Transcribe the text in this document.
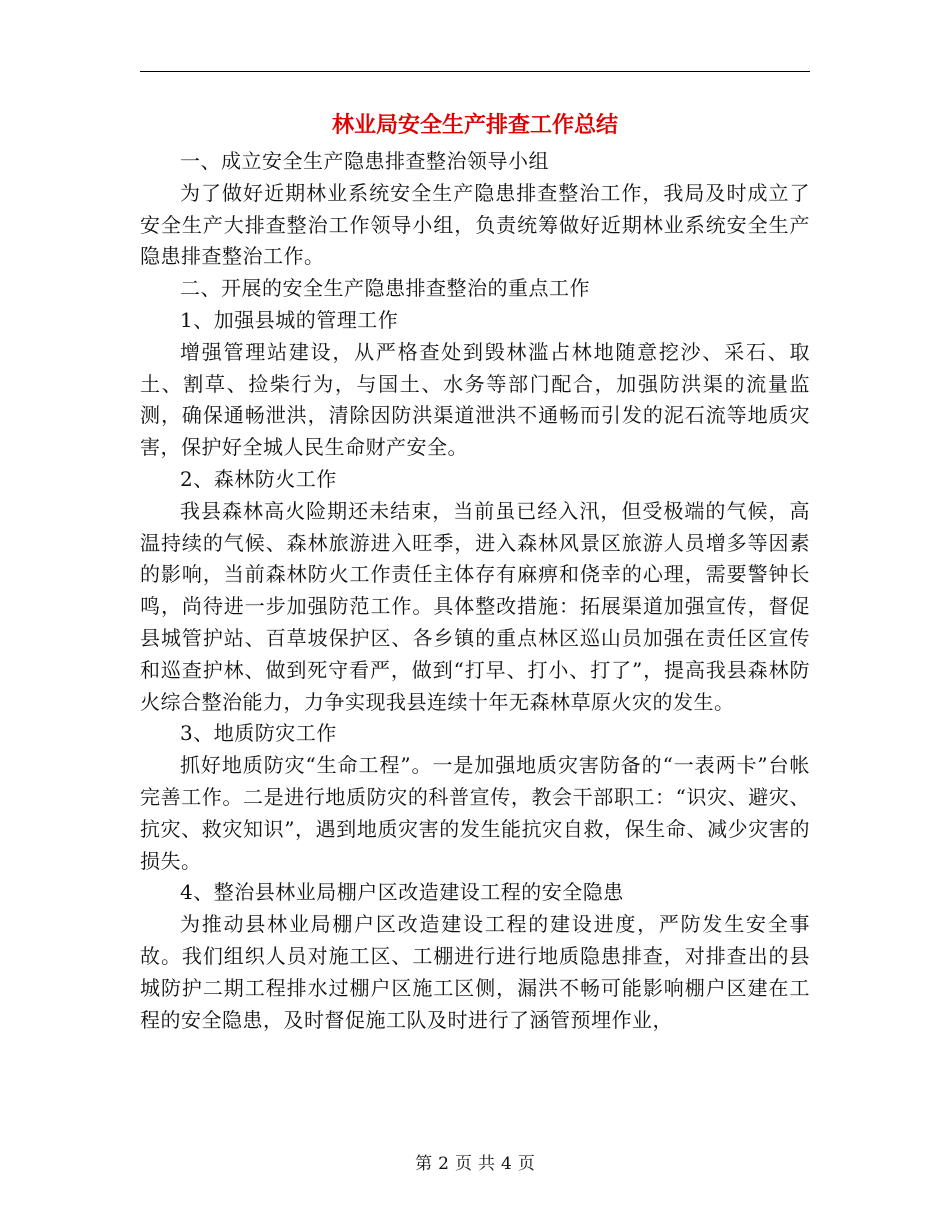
林业局安全生产排查工作总结

一、成立安全生产隐患排查整治领导小组

为了做好近期林业系统安全生产隐患排查整治工作，我局及时成立了安全生产大排查整治工作领导小组，负责统筹做好近期林业系统安全生产隐患排查整治工作。

二、开展的安全生产隐患排查整治的重点工作

1、加强县城的管理工作

增强管理站建设，从严格查处到毁林滥占林地随意挖沙、采石、取土、割草、捡柴行为，与国土、水务等部门配合，加强防洪渠的流量监测，确保通畅泄洪，清除因防洪渠道泄洪不通畅而引发的泥石流等地质灾害，保护好全城人民生命财产安全。

2、森林防火工作

我县森林高火险期还未结束，当前虽已经入汛，但受极端的气候，高温持续的气候、森林旅游进入旺季，进入森林风景区旅游人员增多等因素的影响，当前森林防火工作责任主体存有麻痹和侥幸的心理，需要警钟长鸣，尚待进一步加强防范工作。具体整改措施：拓展渠道加强宣传，督促县城管护站、百草坡保护区、各乡镇的重点林区巡山员加强在责任区宣传和巡查护林、做到死守看严，做到“打早、打小、打了”，提高我县森林防火综合整治能力，力争实现我县连续十年无森林草原火灾的发生。

3、地质防灾工作

抓好地质防灾“生命工程”。一是加强地质灾害防备的“一表两卡”台帐完善工作。二是进行地质防灾的科普宣传，教会干部职工：“识灾、避灾、抗灾、救灾知识”，遇到地质灾害的发生能抗灾自救，保生命、减少灾害的损失。

4、整治县林业局棚户区改造建设工程的安全隐患

为推动县林业局棚户区改造建设工程的建设进度，严防发生安全事故。我们组织人员对施工区、工棚进行进行地质隐患排查，对排查出的县城防护二期工程排水过棚户区施工区侧，漏洪不畅可能影响棚户区建在工程的安全隐患，及时督促施工队及时进行了涵管预埋作业，

第 2 页 共 4 页
